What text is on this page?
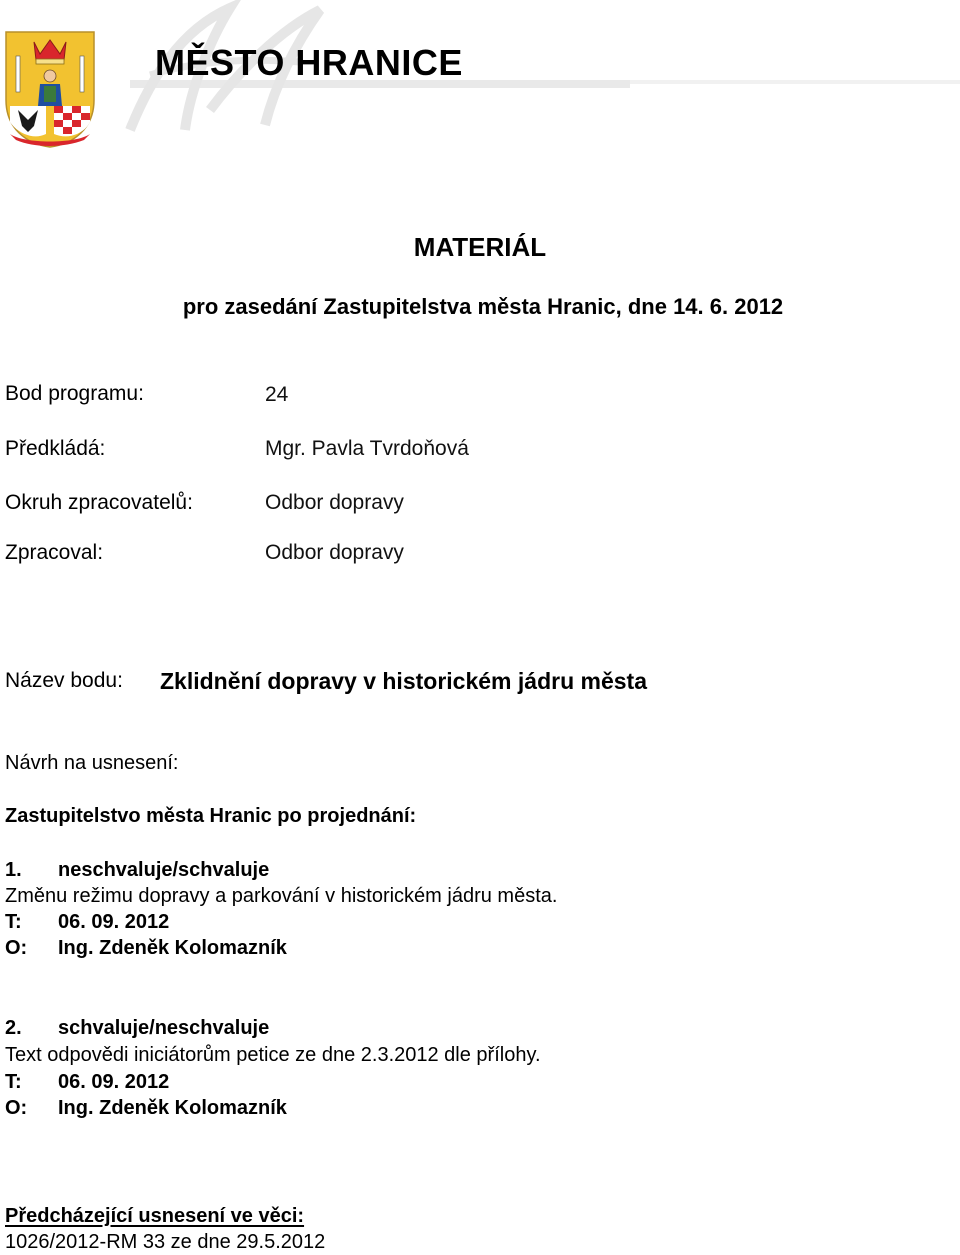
MĚSTO HRANICE
MATERIÁL
pro zasedání Zastupitelstva města Hranic, dne 14. 6. 2012
Bod programu:	24
Předkládá:	Mgr. Pavla Tvrdoňová
Okruh zpracovatelů:	Odbor dopravy
Zpracoval:	Odbor dopravy
Název bodu: Zklidnění dopravy v historickém jádru města
Návrh na usnesení:
Zastupitelstvo města Hranic po projednání:
1. neschvaluje/schvaluje
Změnu režimu dopravy a parkování v historickém jádru města.
T: 06. 09. 2012
O: Ing. Zdeněk Kolomazník
2. schvaluje/neschvaluje
Text odpovědi iniciátorům petice ze dne 2.3.2012 dle přílohy.
T: 06. 09. 2012
O: Ing. Zdeněk Kolomazník
Předcházející usnesení ve věci:
1026/2012-RM 33 ze dne 29.5.2012
